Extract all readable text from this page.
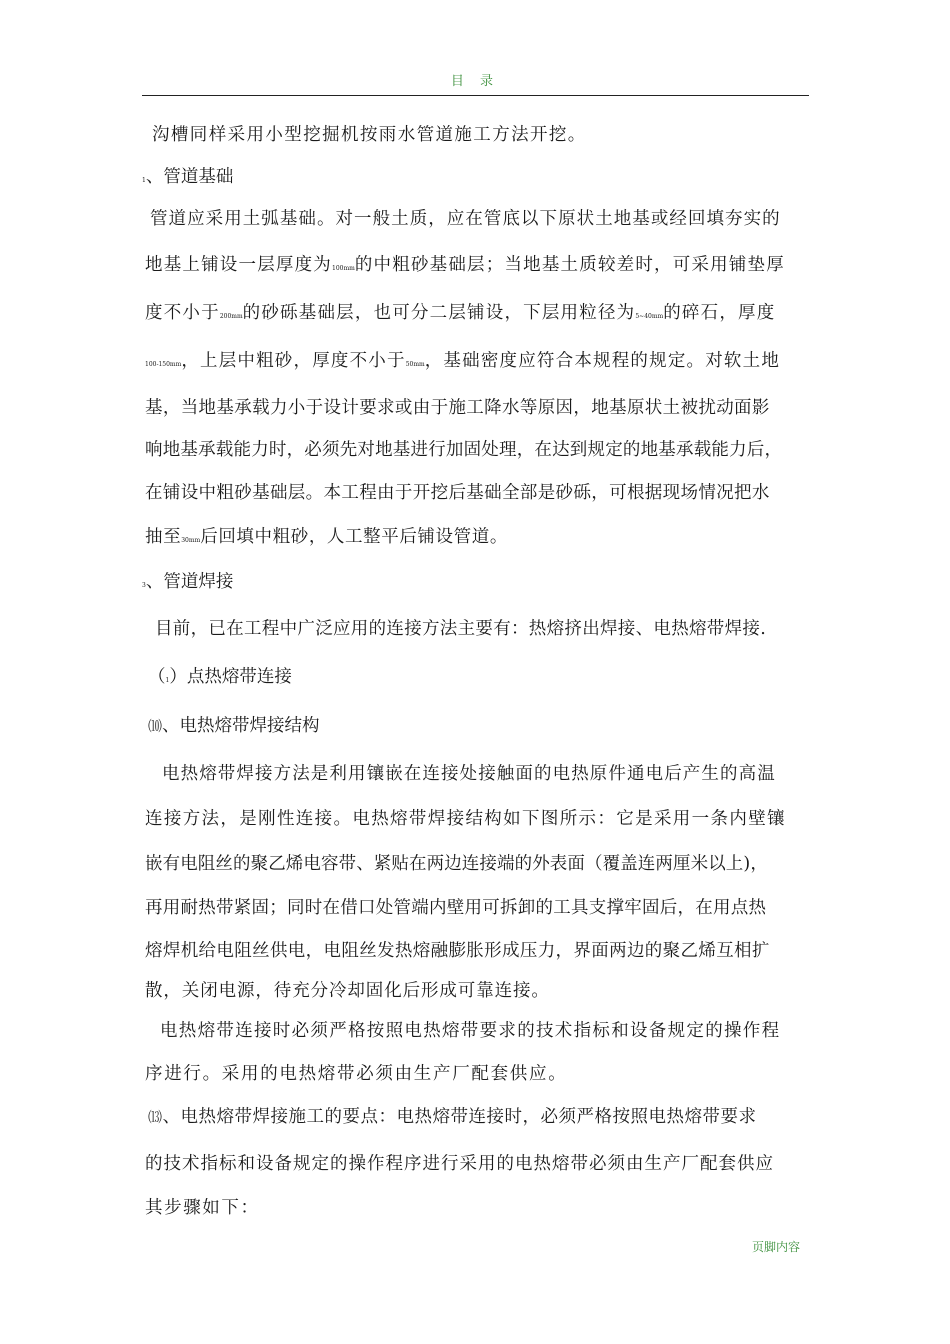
目 录
沟槽同样采用小型挖掘机按雨水管道施工方法开挖。
1、管道基础
管道应采用土弧基础。对一般土质，应在管底以下原状土地基或经回填夯实的
地基上铺设一层厚度为100mm的中粗砂基础层；当地基土质较差时，可采用铺垫厚
度不小于200mm的砂砾基础层，也可分二层铺设，下层用粒径为5~40mm的碎石，厚度
100-150mm，上层中粗砂，厚度不小于50mm，基础密度应符合本规程的规定。对软土地
基，当地基承载力小于设计要求或由于施工降水等原因，地基原状土被扰动面影
响地基承载能力时，必须先对地基进行加固处理，在达到规定的地基承载能力后，
在铺设中粗砂基础层。本工程由于开挖后基础全部是砂砾，可根据现场情况把水
抽至30mm后回填中粗砂，人工整平后铺设管道。
3、管道焊接
目前，已在工程中广泛应用的连接方法主要有：热熔挤出焊接、电热熔带焊接.
（1）点热熔带连接
⑽、电热熔带焊接结构
电热熔带焊接方法是利用镶嵌在连接处接触面的电热原件通电后产生的高温
连接方法，是刚性连接。电热熔带焊接结构如下图所示：它是采用一条内壁镶
嵌有电阻丝的聚乙烯电容带、紧贴在两边连接端的外表面（覆盖连两厘米以上)，
再用耐热带紧固；同时在借口处管端内壁用可拆卸的工具支撑牢固后，在用点热
熔焊机给电阻丝供电，电阻丝发热熔融膨胀形成压力，界面两边的聚乙烯互相扩
散，关闭电源，待充分冷却固化后形成可靠连接。
电热熔带连接时必须严格按照电热熔带要求的技术指标和设备规定的操作程
序进行。采用的电热熔带必须由生产厂配套供应。
⒀、电热熔带焊接施工的要点：电热熔带连接时，必须严格按照电热熔带要求
的技术指标和设备规定的操作程序进行采用的电热熔带必须由生产厂配套供应
其步骤如下：
页脚内容
